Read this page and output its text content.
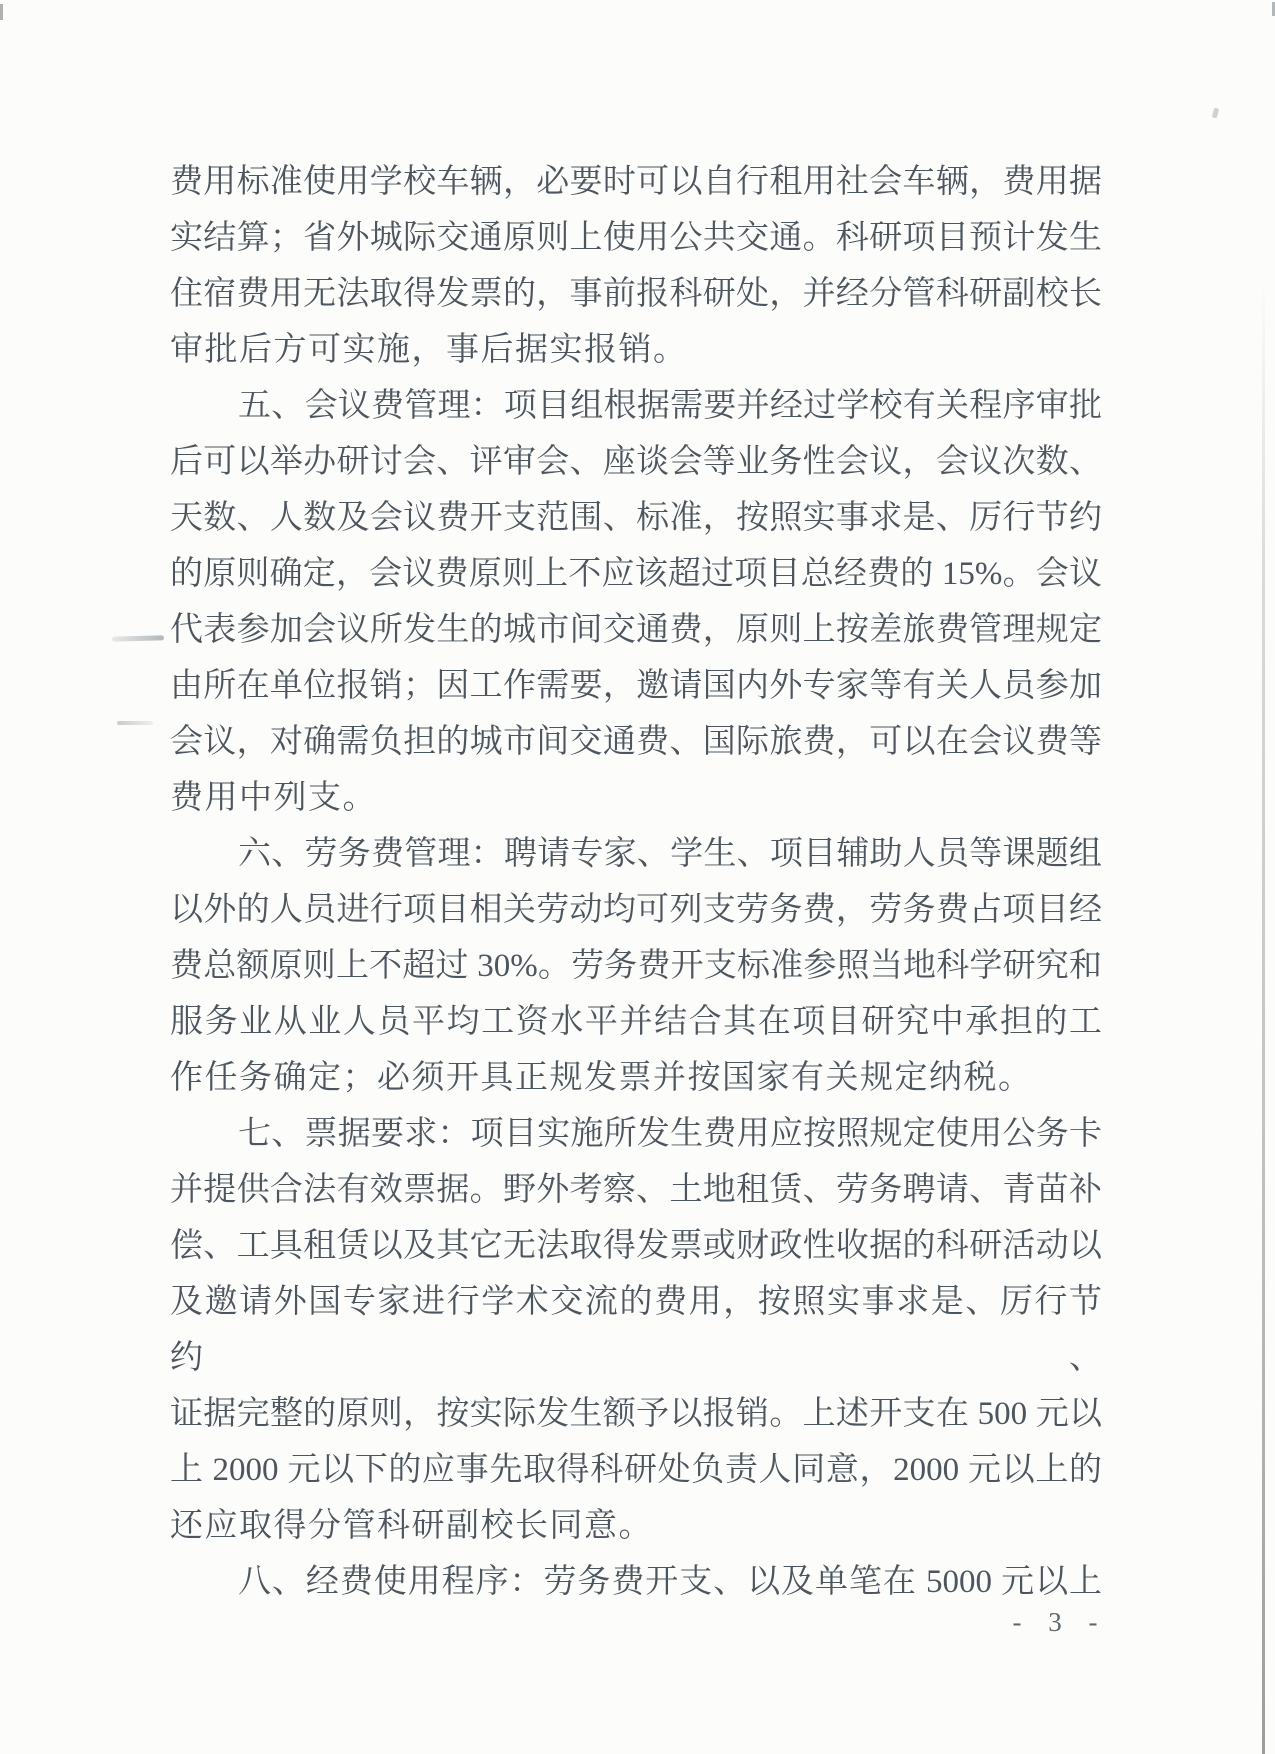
费用标准使用学校车辆，必要时可以自行租用社会车辆，费用据
实结算；省外城际交通原则上使用公共交通。科研项目预计发生
住宿费用无法取得发票的，事前报科研处，并经分管科研副校长
审批后方可实施，事后据实报销。
五、会议费管理：项目组根据需要并经过学校有关程序审批
后可以举办研讨会、评审会、座谈会等业务性会议，会议次数、
天数、人数及会议费开支范围、标准，按照实事求是、厉行节约
的原则确定，会议费原则上不应该超过项目总经费的 15%。会议
代表参加会议所发生的城市间交通费，原则上按差旅费管理规定
由所在单位报销；因工作需要，邀请国内外专家等有关人员参加
会议，对确需负担的城市间交通费、国际旅费，可以在会议费等
费用中列支。
六、劳务费管理：聘请专家、学生、项目辅助人员等课题组
以外的人员进行项目相关劳动均可列支劳务费，劳务费占项目经
费总额原则上不超过 30%。劳务费开支标准参照当地科学研究和
服务业从业人员平均工资水平并结合其在项目研究中承担的工
作任务确定；必须开具正规发票并按国家有关规定纳税。
七、票据要求：项目实施所发生费用应按照规定使用公务卡
并提供合法有效票据。野外考察、土地租赁、劳务聘请、青苗补
偿、工具租赁以及其它无法取得发票或财政性收据的科研活动以
及邀请外国专家进行学术交流的费用，按照实事求是、厉行节约、
证据完整的原则，按实际发生额予以报销。上述开支在 500 元以
上 2000 元以下的应事先取得科研处负责人同意，2000 元以上的
还应取得分管科研副校长同意。
八、经费使用程序：劳务费开支、以及单笔在 5000 元以上
- 3 -
